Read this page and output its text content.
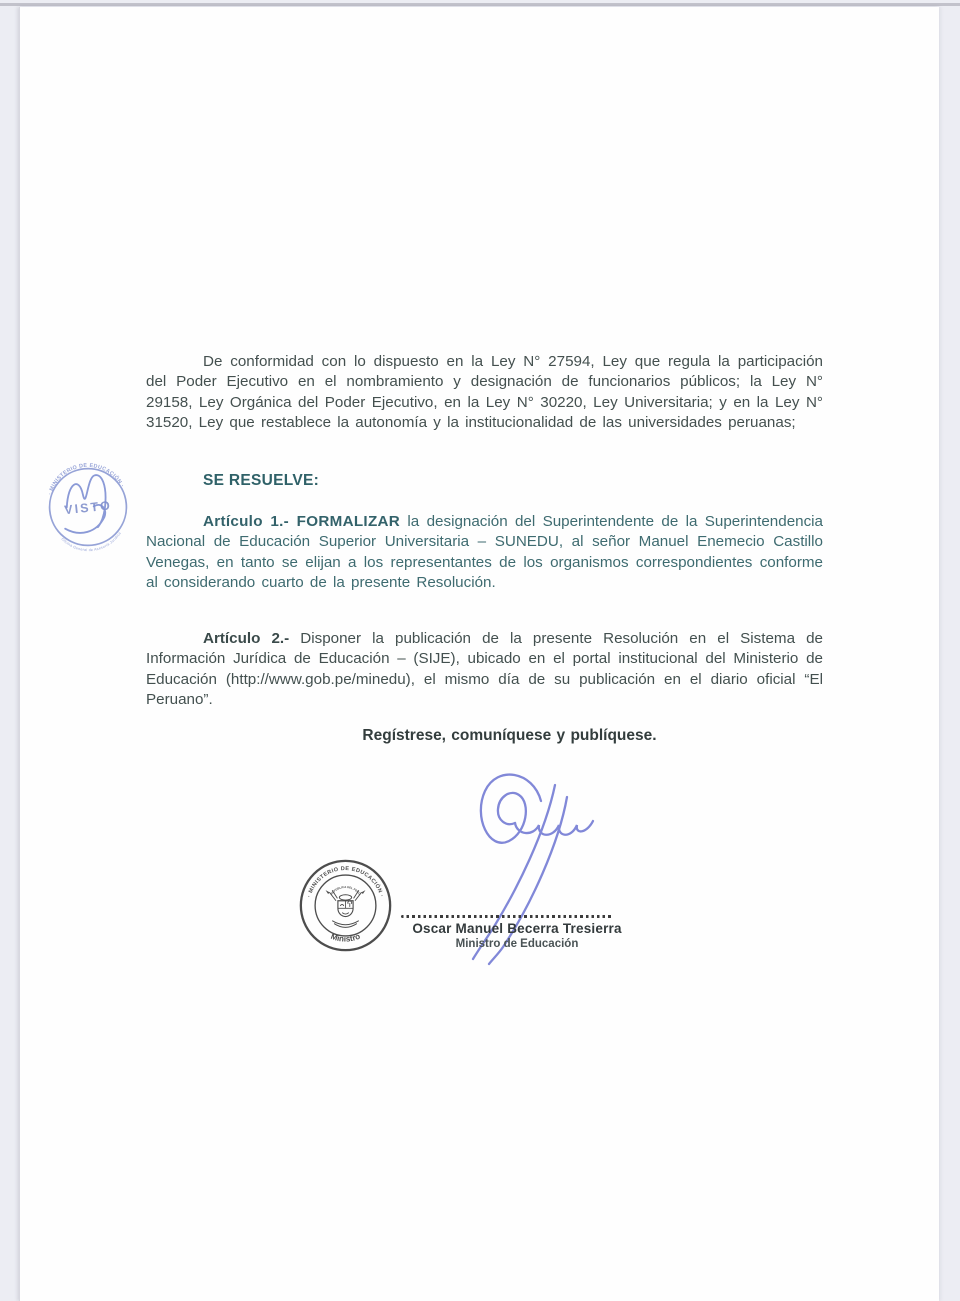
· MINISTERIO DE EDUCACIÓN ·
Oficina General de Asesoría Jurídica
VISTO

De conformidad con lo dispuesto en la Ley N° 27594, Ley que regula la participación del Poder Ejecutivo en el nombramiento y designación de funcionarios públicos; la Ley N° 29158, Ley Orgánica del Poder Ejecutivo, en la Ley N° 30220, Ley Universitaria; y en la Ley N° 31520, Ley que restablece la autonomía y la institucionalidad de las universidades peruanas;

SE RESUELVE:

Artículo 1.- FORMALIZAR la designación del Superintendente de la Superintendencia Nacional de Educación Superior Universitaria – SUNEDU, al señor Manuel Enemecio Castillo Venegas, en tanto se elijan a los representantes de los organismos correspondientes conforme al considerando cuarto de la presente Resolución.

Artículo 2.- Disponer la publicación de la presente Resolución en el Sistema de Información Jurídica de Educación – (SIJE), ubicado en el portal institucional del Ministerio de Educación (http://www.gob.pe/minedu), el mismo día de su publicación en el diario oficial “El Peruano”.

Regístrese, comuníquese y publíquese.
· MINISTERIO DE EDUCACIÓN ·
Ministro
REPÚBLICA DEL PERÚ
Oscar Manuel Becerra Tresierra
Ministro de Educación
